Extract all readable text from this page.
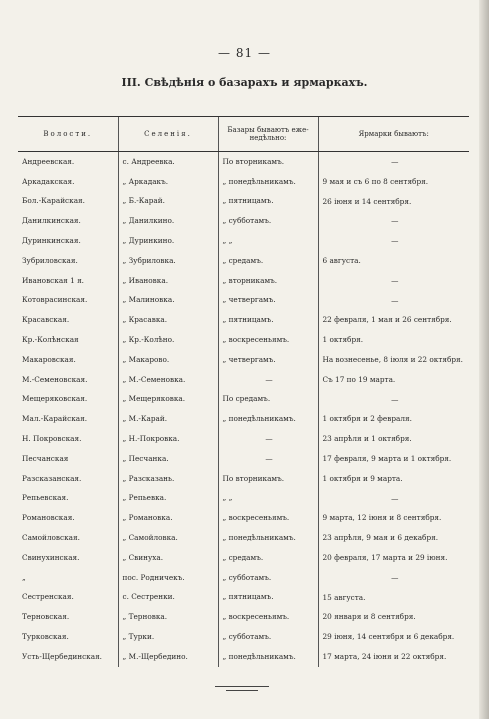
— 81 —
III. Свѣдѣнія о базарахъ и ярмаркахъ.
Волости.	Селенія.	Базары бываютъ еже-недѣльно:	Ярмарки бываютъ:
Андреевская.	с. Андреевка.	По вторникамъ.	—
Аркадакская.	„ Аркадакъ.	„ понедѣльникамъ.	9 мая и съ 6 по 8 сентября.
Бол.-Карайская.	„ Б.-Карай.	„ пятницамъ.	26 іюня и 14 сентября.
Данилкинская.	„ Данилкино.	„ субботамъ.	—
Дуринкинская.	„ Дуринкино.	„ „	—
Зубриловская.	„ Зубриловка.	„ средамъ.	6 августа.
Ивановская 1 я.	„ Ивановка.	„ вторникамъ.	—
Котоврасинская.	„ Малиновка.	„ четвергамъ.	—
Красавская.	„ Красавка.	„ пятницамъ.	22 февраля, 1 мая и 26 сентября.
Кр.-Колѣнская	„ Кр.-Колѣно.	„ воскресеньямъ.	1 октября.
Макаровская.	„ Макарово.	„ четвергамъ.	На вознесенье, 8 іюля и 22 октября.
М.-Семеновская.	„ М.-Семеновка.	—	Съ 17 по 19 марта.
Мещеряковская.	„ Мещеряковка.	По средамъ.	—
Мал.-Карайская.	„ М.-Карай.	„ понедѣльникамъ.	1 октября и 2 февраля.
Н. Покровская.	„ Н.-Покровка.	—	23 апрѣля и 1 октября.
Песчанская	„ Песчанка.	—	17 февраля, 9 марта и 1 октября.
Разсказанская.	„ Разсказань.	По вторникамъ.	1 октября и 9 марта.
Репьевская.	„ Репьевка.	„ „	—
Романовская.	„ Романовка.	„ воскресеньямъ.	9 марта, 12 іюня и 8 сентября.
Самойловская.	„ Самойловка.	„ понедѣльникамъ.	23 апрѣля, 9 мая и 6 декабря.
Свинухинская.	„ Свинуха.	„ средамъ.	20 февраля, 17 марта и 29 іюня.
„	пос. Родничекъ.	„ субботамъ.	—
Сестренская.	с. Сестренки.	„ пятницамъ.	15 августа.
Терновская.	„ Терновка.	„ воскресеньямъ.	20 января и 8 сентября.
Турковская.	„ Турки.	„ субботамъ.	29 іюня, 14 сентября и 6 декабря.
Усть-Щербединская.	„ М.-Щербедино.	„ понедѣльникамъ.	17 марта, 24 іюня и 22 октября.
